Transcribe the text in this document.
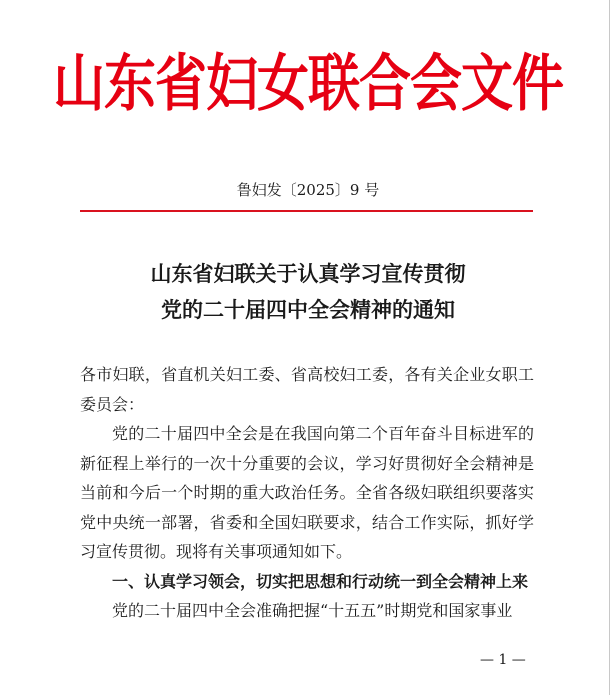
山东省妇女联合会文件
鲁妇发〔2025〕9 号
山东省妇联关于认真学习宣传贯彻
党的二十届四中全会精神的通知

各市妇联，省直机关妇工委、省高校妇工委，各有关企业女职工委员会：

党的二十届四中全会是在我国向第二个百年奋斗目标进军的新征程上举行的一次十分重要的会议，学习好贯彻好全会精神是当前和今后一个时期的重大政治任务。全省各级妇联组织要落实党中央统一部署，省委和全国妇联要求，结合工作实际，抓好学习宣传贯彻。现将有关事项通知如下。

一、认真学习领会，切实把思想和行动统一到全会精神上来

党的二十届四中全会准确把握“十五五”时期党和国家事业

— 1 —
